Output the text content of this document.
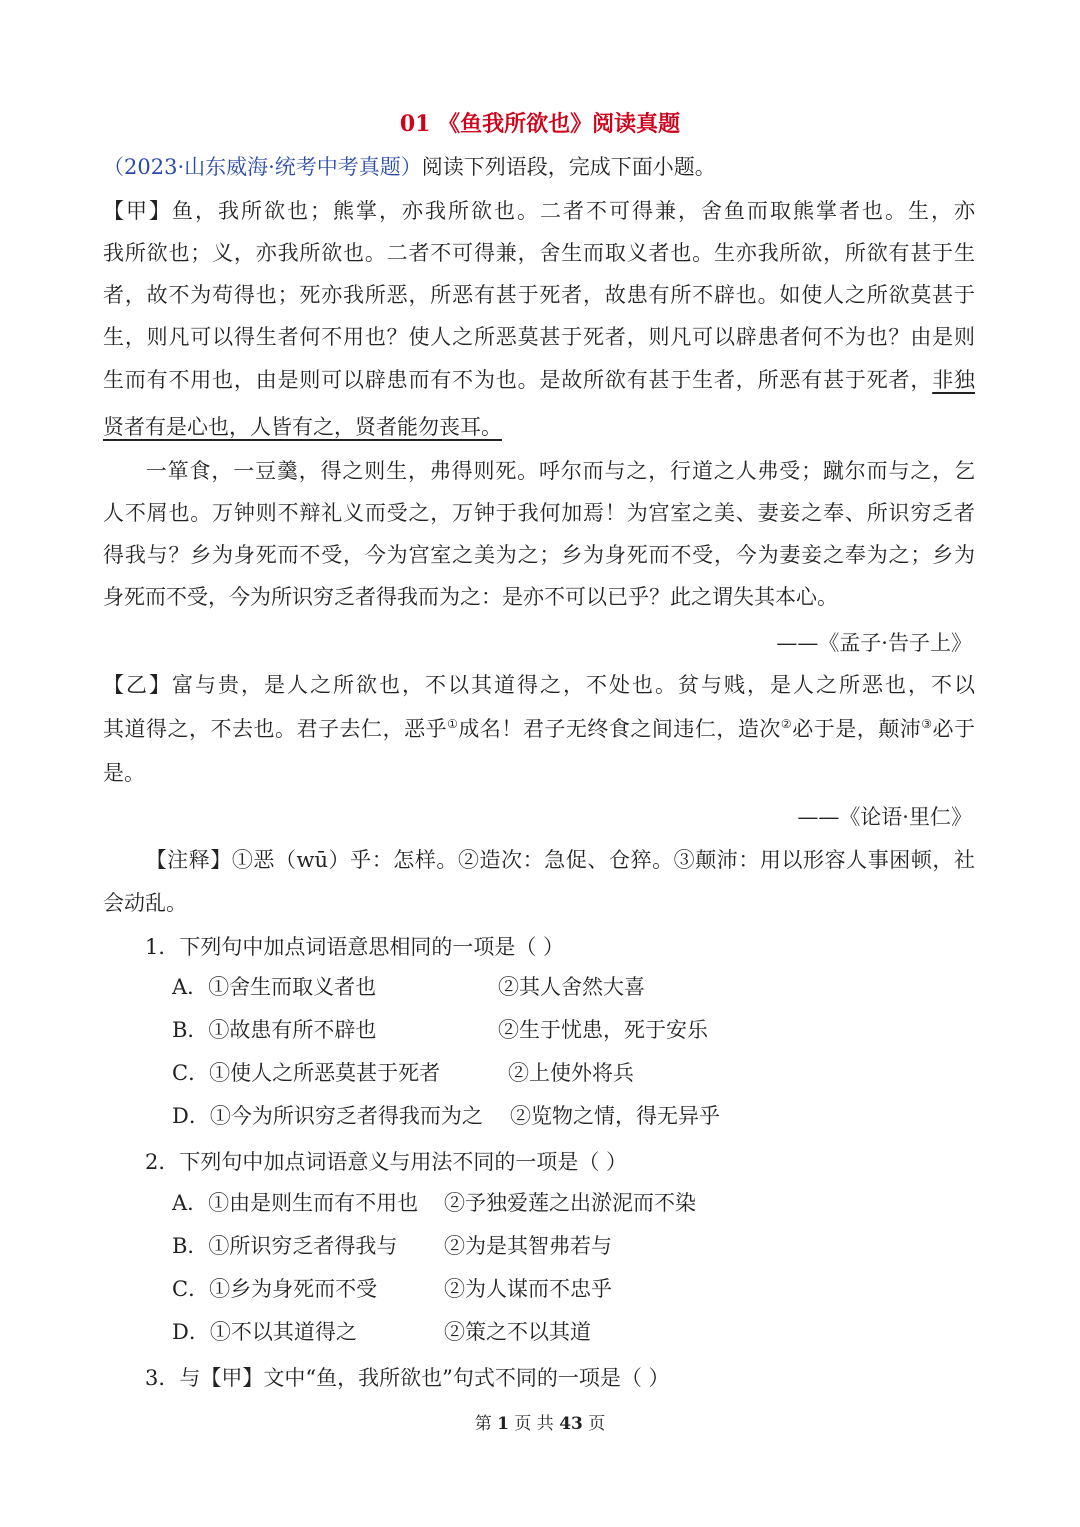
01 《鱼我所欲也》阅读真题
（2023·山东威海·统考中考真题）阅读下列语段，完成下面小题。
【甲】鱼，我所欲也；熊掌，亦我所欲也。二者不可得兼，舍鱼而取熊掌者也。生，亦
我所欲也；义，亦我所欲也。二者不可得兼，舍生而取义者也。生亦我所欲，所欲有甚于生
者，故不为苟得也；死亦我所恶，所恶有甚于死者，故患有所不辟也。如使人之所欲莫甚于
生，则凡可以得生者何不用也？使人之所恶莫甚于死者，则凡可以辟患者何不为也？由是则
生而有不用也，由是则可以辟患而有不为也。是故所欲有甚于生者，所恶有甚于死者，非独
贤者有是心也，人皆有之，贤者能勿丧耳。
一箪食，一豆羹，得之则生，弗得则死。呼尔而与之，行道之人弗受；蹴尔而与之，乞
人不屑也。万钟则不辩礼义而受之，万钟于我何加焉！为宫室之美、妻妾之奉、所识穷乏者
得我与？乡为身死而不受，今为宫室之美为之；乡为身死而不受，今为妻妾之奉为之；乡为
身死而不受，今为所识穷乏者得我而为之：是亦不可以已乎？此之谓失其本心。
——《孟子·告子上》
【乙】富与贵，是人之所欲也，不以其道得之，不处也。贫与贱，是人之所恶也，不以
其道得之，不去也。君子去仁，恶乎①成名！君子无终食之间违仁，造次②必于是，颠沛③必于
是。
——《论语·里仁》
【注释】①恶（wū）乎：怎样。②造次：急促、仓猝。③颠沛：用以形容人事困顿，社
会动乱。
1．下列句中加点词语意思相同的一项是（ ）
A．①舍生而取义者也	②其人舍然大喜
B．①故患有所不辟也	②生于忧患，死于安乐
C．①使人之所恶莫甚于死者	②上使外将兵
D．①今为所识穷乏者得我而为之 ②览物之情，得无异乎
2．下列句中加点词语意义与用法不同的一项是（ ）
A．①由是则生而有不用也 ②予独爱莲之出淤泥而不染
B．①所识穷乏者得我与 ②为是其智弗若与
C．①乡为身死而不受	②为人谋而不忠乎
D．①不以其道得之	②策之不以其道
3．与【甲】文中“鱼，我所欲也”句式不同的一项是（ ）
第 1 页 共 43 页
